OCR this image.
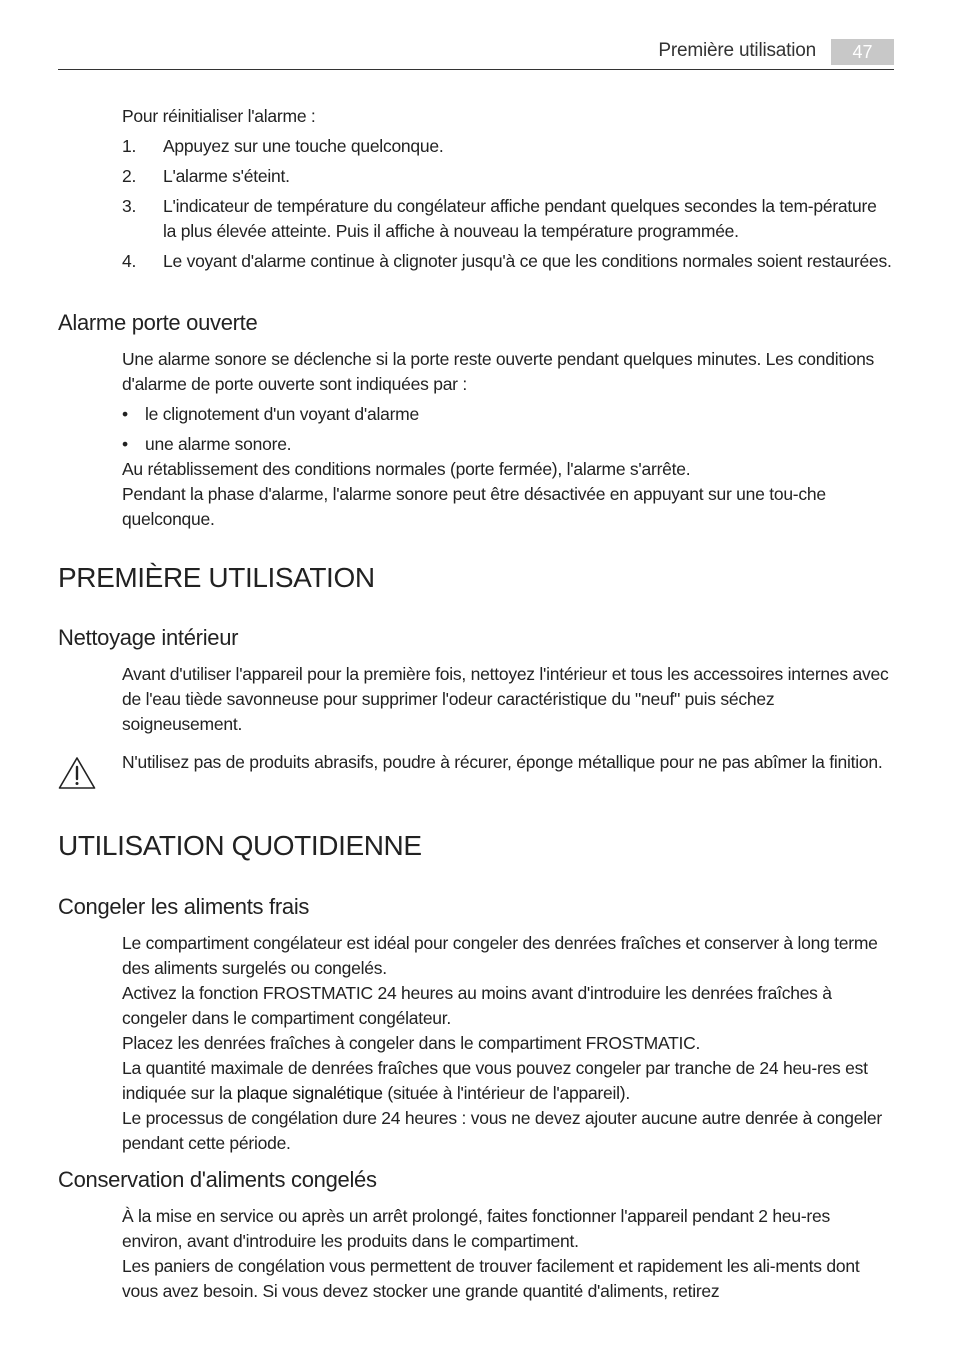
Première utilisation	47
Pour réinitialiser l'alarme :
1. Appuyez sur une touche quelconque.
2. L'alarme s'éteint.
3. L'indicateur de température du congélateur affiche pendant quelques secondes la tem-pérature la plus élevée atteinte. Puis il affiche à nouveau la température programmée.
4. Le voyant d'alarme continue à clignoter jusqu'à ce que les conditions normales soient restaurées.
Alarme porte ouverte
Une alarme sonore se déclenche si la porte reste ouverte pendant quelques minutes. Les conditions d'alarme de porte ouverte sont indiquées par :
• le clignotement d'un voyant d'alarme
• une alarme sonore.
Au rétablissement des conditions normales (porte fermée), l'alarme s'arrête.
Pendant la phase d'alarme, l'alarme sonore peut être désactivée en appuyant sur une tou-che quelconque.
PREMIÈRE UTILISATION
Nettoyage intérieur
Avant d'utiliser l'appareil pour la première fois, nettoyez l'intérieur et tous les accessoires internes avec de l'eau tiède savonneuse pour supprimer l'odeur caractéristique du "neuf" puis séchez soigneusement.
N'utilisez pas de produits abrasifs, poudre à récurer, éponge métallique pour ne pas abîmer la finition.
UTILISATION QUOTIDIENNE
Congeler les aliments frais
Le compartiment congélateur est idéal pour congeler des denrées fraîches et conserver à long terme des aliments surgelés ou congelés.
Activez la fonction FROSTMATIC 24 heures au moins avant d'introduire les denrées fraîches à congeler dans le compartiment congélateur.
Placez les denrées fraîches à congeler dans le compartiment FROSTMATIC.
La quantité maximale de denrées fraîches que vous pouvez congeler par tranche de 24 heu-res est indiquée sur la plaque signalétique (située à l'intérieur de l'appareil).
Le processus de congélation dure 24 heures : vous ne devez ajouter aucune autre denrée à congeler pendant cette période.
Conservation d'aliments congelés
À la mise en service ou après un arrêt prolongé, faites fonctionner l'appareil pendant 2 heu-res environ, avant d'introduire les produits dans le compartiment.
Les paniers de congélation vous permettent de trouver facilement et rapidement les ali-ments dont vous avez besoin. Si vous devez stocker une grande quantité d'aliments, retirez
